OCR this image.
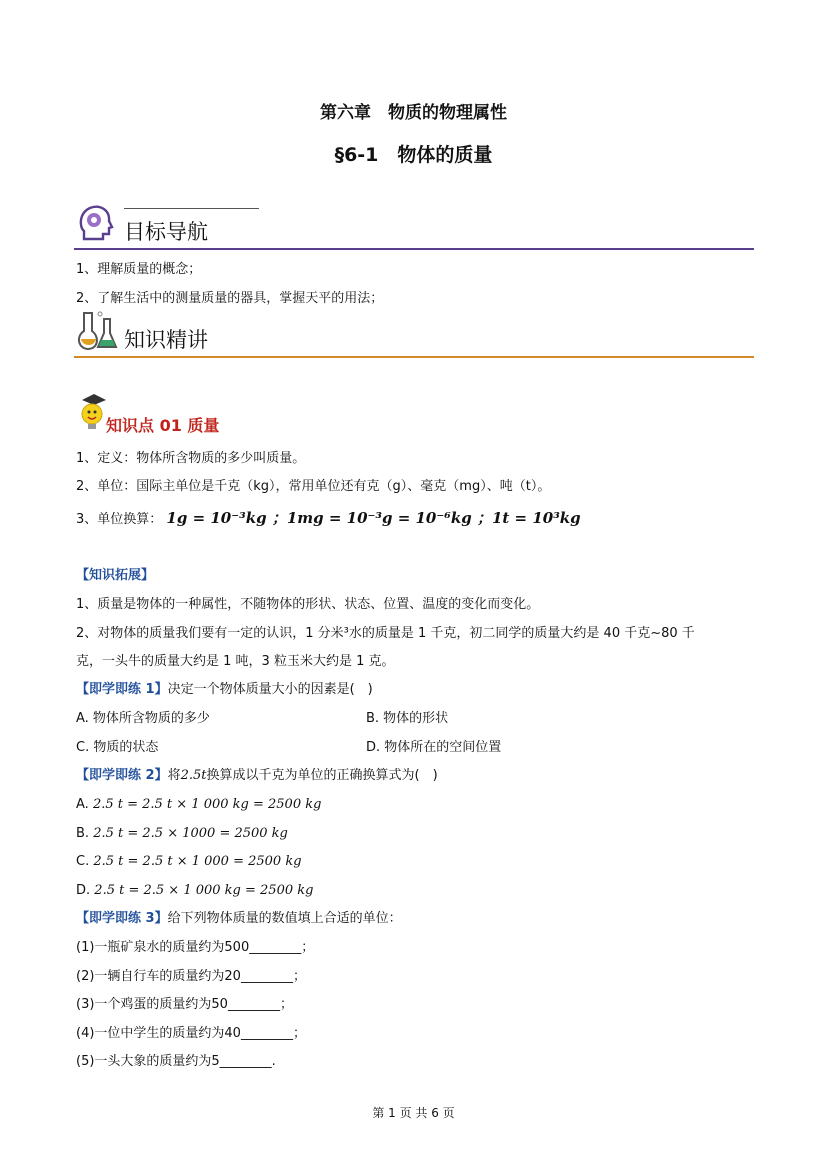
第六章　物质的物理属性
§6-1　物体的质量
目标导航
1、理解质量的概念；
2、了解生活中的测量质量的器具，掌握天平的用法；
知识精讲
知识点 01 质量
1、定义：物体所含物质的多少叫质量。
2、单位：国际主单位是千克（kg），常用单位还有克（g）、毫克（mg）、吨（t）。
3、单位换算： 1g = 10⁻³kg ；1mg = 10⁻³g = 10⁻⁶kg ；1t = 10³kg
【知识拓展】
1、质量是物体的一种属性，不随物体的形状、状态、位置、温度的变化而变化。
2、对物体的质量我们要有一定的认识，1 分米³水的质量是 1 千克，初二同学的质量大约是 40 千克~80 千
克，一头牛的质量大约是 1 吨，3 粒玉米大约是 1 克。
【即学即练 1】决定一个物体质量大小的因素是(　)
A. 物体所含物质的多少	B. 物体的形状
C. 物质的状态	D. 物体所在的空间位置
【即学即练 2】将2.5t换算成以千克为单位的正确换算式为(　)
A. 2.5 t = 2.5 t × 1 000 kg = 2500 kg
B. 2.5 t = 2.5 × 1000 = 2500 kg
C. 2.5 t = 2.5 t × 1 000 = 2500 kg
D. 2.5 t = 2.5 × 1 000 kg = 2500 kg
【即学即练 3】给下列物体质量的数值填上合适的单位：
(1)一瓶矿泉水的质量约为500________；
(2)一辆自行车的质量约为20________；
(3)一个鸡蛋的质量约为50________；
(4)一位中学生的质量约为40________；
(5)一头大象的质量约为5________.
第 1 页 共 6 页
